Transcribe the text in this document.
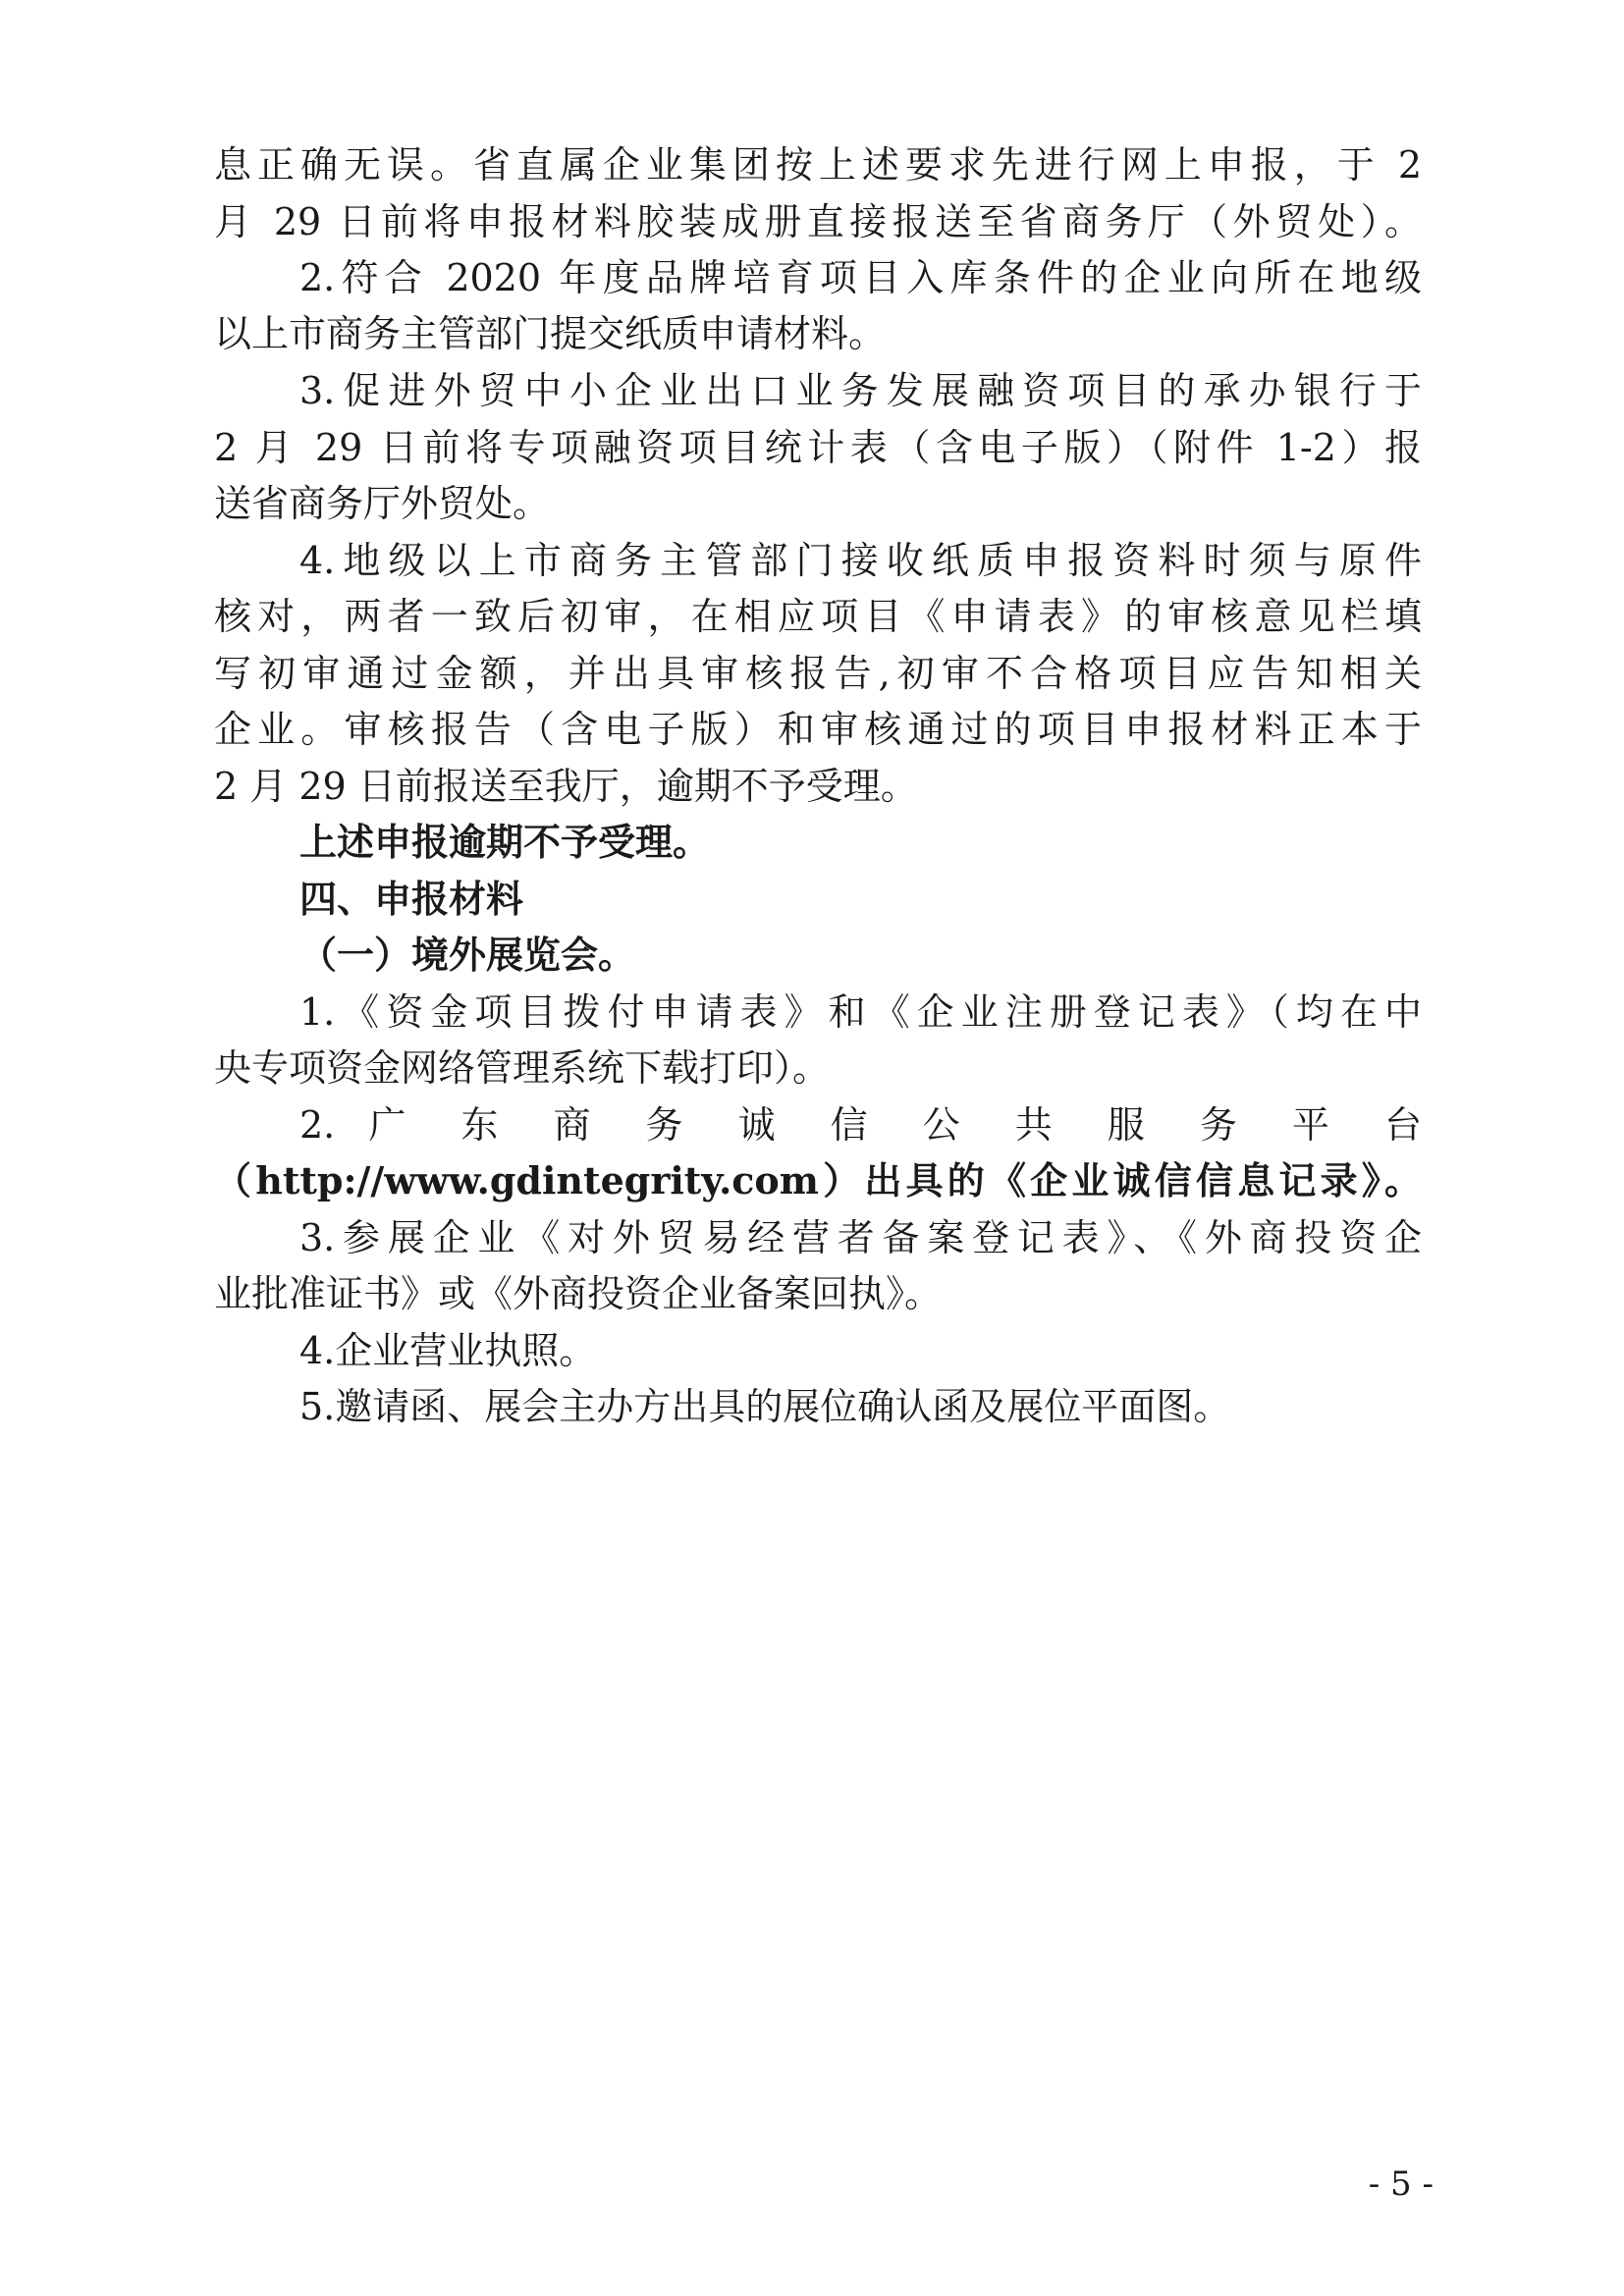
息正确无误。省直属企业集团按上述要求先进行网上申报，于 2
月 29 日前将申报材料胶装成册直接报送至省商务厅（外贸处）。
2.符合 2020 年度品牌培育项目入库条件的企业向所在地级
以上市商务主管部门提交纸质申请材料。
3.促进外贸中小企业出口业务发展融资项目的承办银行于
2 月 29 日前将专项融资项目统计表（含电子版）（附件 1-2）报
送省商务厅外贸处。
4.地级以上市商务主管部门接收纸质申报资料时须与原件
核对，两者一致后初审，在相应项目《申请表》的审核意见栏填
写初审通过金额，并出具审核报告,初审不合格项目应告知相关
企业。审核报告（含电子版）和审核通过的项目申报材料正本于
2 月 29 日前报送至我厅，逾期不予受理。
上述申报逾期不予受理。
四、申报材料
（一）境外展览会。
1.《资金项目拨付申请表》和《企业注册登记表》（均在中
央专项资金网络管理系统下载打印）。
2. 广 东 商 务 诚 信 公 共 服 务 平 台
（http://www.gdintegrity.com）出具的《企业诚信信息记录》。
3.参展企业《对外贸易经营者备案登记表》、《外商投资企
业批准证书》或《外商投资企业备案回执》。
4.企业营业执照。
5.邀请函、展会主办方出具的展位确认函及展位平面图。
- 5 -
